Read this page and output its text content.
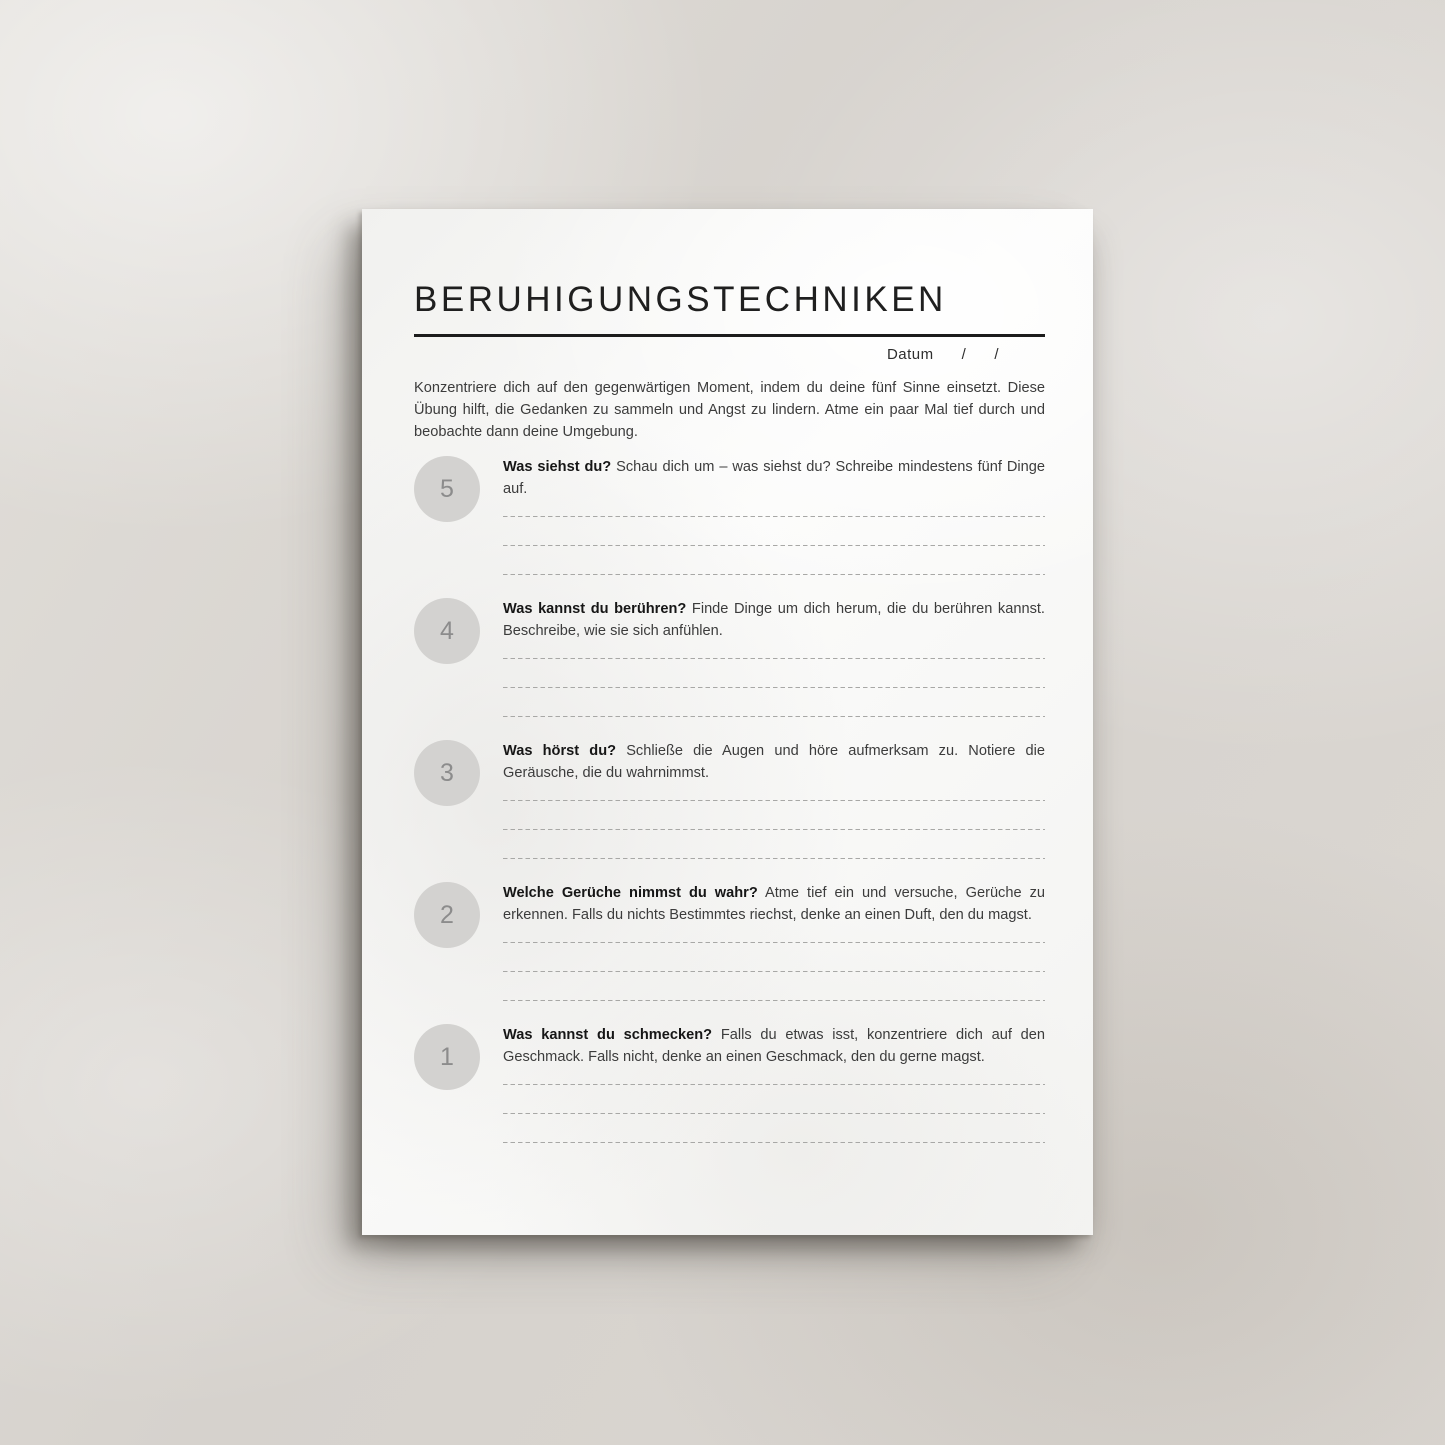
BERUHIGUNGSTECHNIKEN
Datum / /

Konzentriere dich auf den gegenwärtigen Moment, indem du deine fünf Sinne einsetzt. Diese Übung hilft, die Gedanken zu sammeln und Angst zu lindern. Atme ein paar Mal tief durch und beobachte dann deine Umgebung.

5

Was siehst du? Schau dich um – was siehst du? Schreibe mindestens fünf Dinge auf.

4

Was kannst du berühren? Finde Dinge um dich herum, die du berühren kannst. Beschreibe, wie sie sich anfühlen.

3

Was hörst du? Schließe die Augen und höre aufmerksam zu. Notiere die Geräusche, die du wahrnimmst.

2

Welche Gerüche nimmst du wahr? Atme tief ein und versuche, Gerüche zu erkennen. Falls du nichts Bestimmtes riechst, denke an einen Duft, den du magst.

1

Was kannst du schmecken? Falls du etwas isst, konzentriere dich auf den Geschmack. Falls nicht, denke an einen Geschmack, den du gerne magst.
